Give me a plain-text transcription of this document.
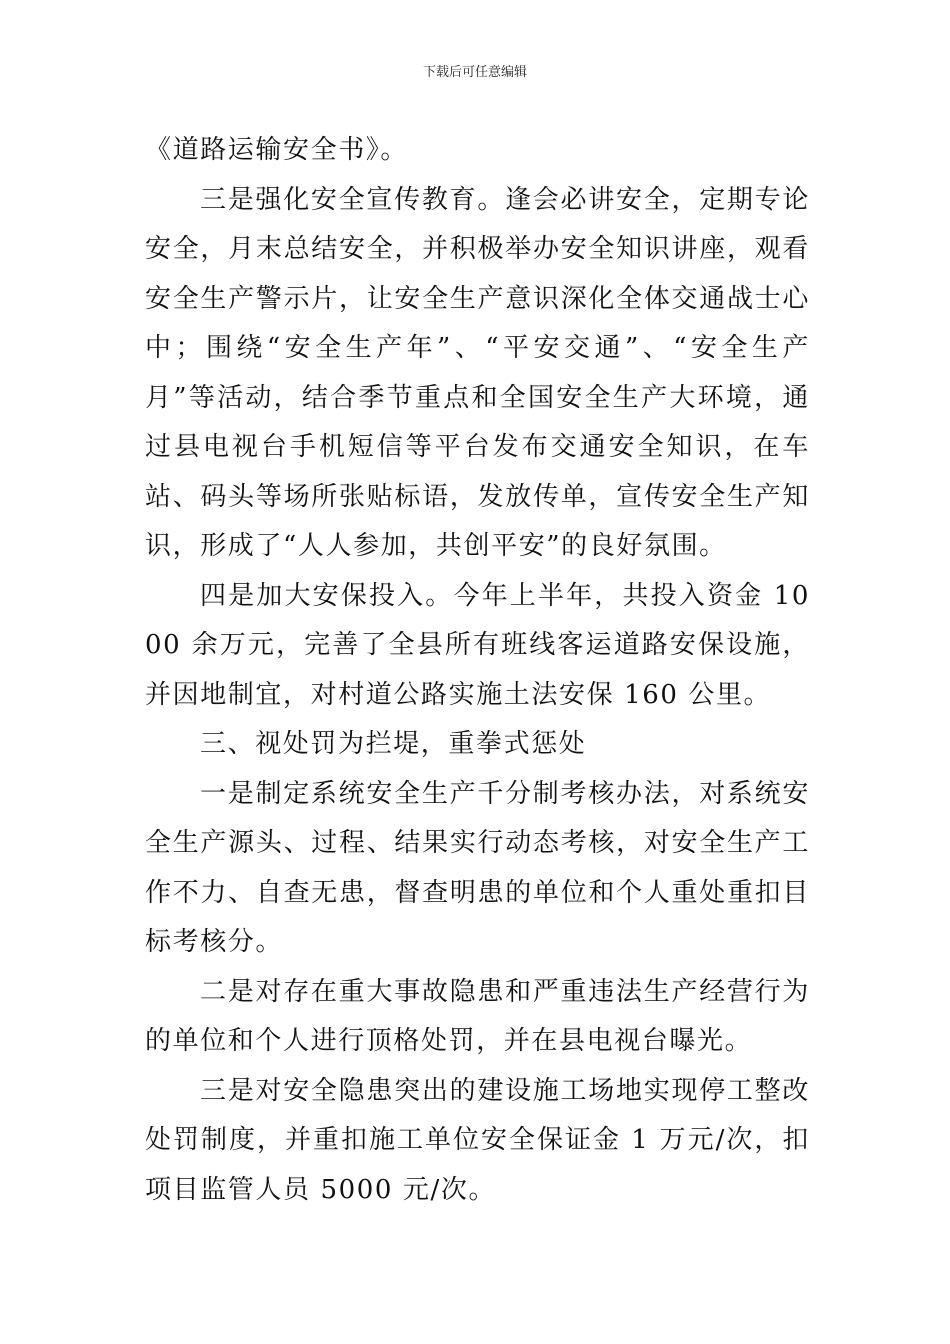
下载后可任意编辑

《道路运输安全书》。

三是强化安全宣传教育。逢会必讲安全，定期专论安全，月末总结安全，并积极举办安全知识讲座，观看安全生产警示片，让安全生产意识深化全体交通战士心中；围绕“安全生产年”、“平安交通”、“安全生产月”等活动，结合季节重点和全国安全生产大环境，通过县电视台手机短信等平台发布交通安全知识，在车站、码头等场所张贴标语，发放传单，宣传安全生产知识，形成了“人人参加，共创平安”的良好氛围。

四是加大安保投入。今年上半年，共投入资金 1000 余万元，完善了全县所有班线客运道路安保设施，并因地制宜，对村道公路实施土法安保 160 公里。

三、视处罚为拦堤，重拳式惩处

一是制定系统安全生产千分制考核办法，对系统安全生产源头、过程、结果实行动态考核，对安全生产工作不力、自查无患，督查明患的单位和个人重处重扣目标考核分。

二是对存在重大事故隐患和严重违法生产经营行为的单位和个人进行顶格处罚，并在县电视台曝光。

三是对安全隐患突出的建设施工场地实现停工整改处罚制度，并重扣施工单位安全保证金 1 万元/次，扣项目监管人员 5000 元/次。
